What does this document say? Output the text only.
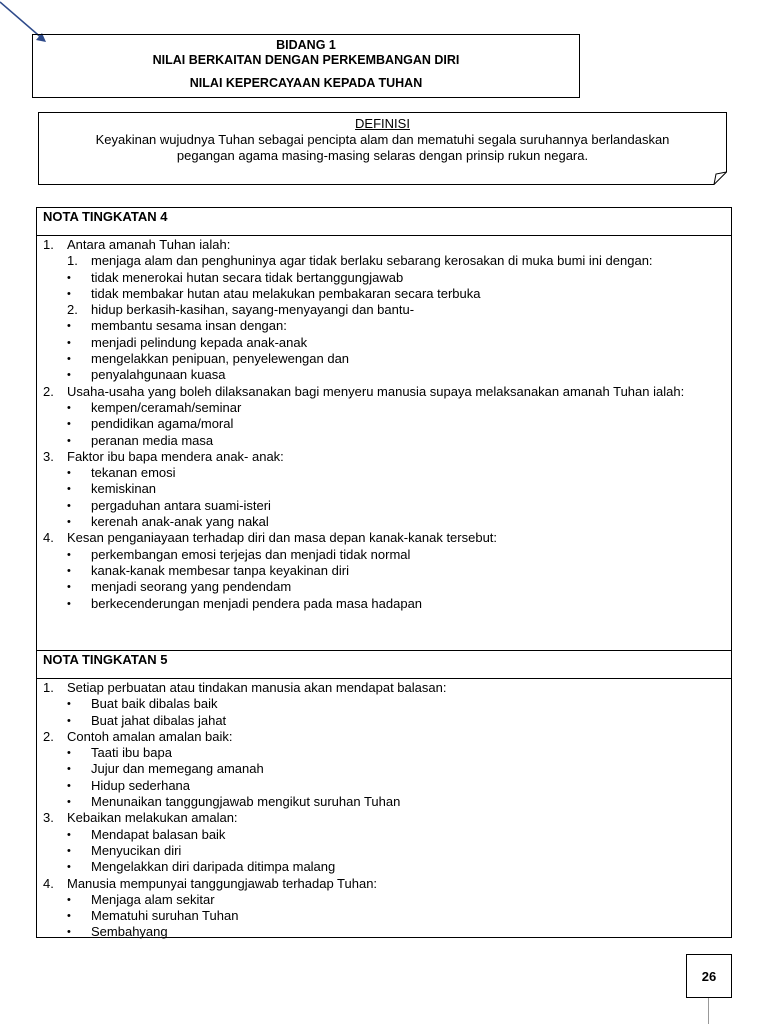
BIDANG 1
NILAI BERKAITAN DENGAN PERKEMBANGAN DIRI
NILAI KEPERCAYAAN KEPADA TUHAN
DEFINISI
Keyakinan wujudnya Tuhan sebagai pencipta alam dan mematuhi segala suruhannya berlandaskan
pegangan agama masing-masing selaras dengan prinsip rukun negara.
NOTA TINGKATAN 4
1.	Antara amanah Tuhan ialah:
1.	menjaga alam dan penghuninya agar tidak berlaku sebarang kerosakan di muka bumi ini dengan:
•	tidak menerokai hutan secara tidak bertanggungjawab
•	tidak membakar hutan atau melakukan pembakaran secara terbuka
2.	hidup berkasih-kasihan, sayang-menyayangi dan bantu-
•	membantu sesama insan dengan:
•	menjadi pelindung kepada anak-anak
•	mengelakkan penipuan, penyelewengan dan
•	penyalahgunaan kuasa
2.	Usaha-usaha yang boleh dilaksanakan bagi menyeru manusia supaya melaksanakan amanah Tuhan ialah:
•	kempen/ceramah/seminar
•	pendidikan agama/moral
•	peranan media masa
3.	Faktor ibu bapa mendera anak- anak:
•	tekanan emosi
•	kemiskinan
•	pergaduhan antara suami-isteri
•	kerenah anak-anak yang nakal
4.	Kesan penganiayaan terhadap diri dan masa depan kanak-kanak tersebut:
•	perkembangan emosi terjejas dan menjadi tidak normal
•	kanak-kanak membesar tanpa keyakinan diri
•	menjadi seorang yang pendendam
•	berkecenderungan menjadi pendera pada masa hadapan
NOTA TINGKATAN 5
1.	Setiap perbuatan atau tindakan manusia akan mendapat balasan:
•	Buat baik dibalas baik
•	Buat jahat dibalas jahat
2.	Contoh amalan amalan baik:
•	Taati ibu bapa
•	Jujur dan memegang amanah
•	Hidup sederhana
•	Menunaikan tanggungjawab mengikut suruhan Tuhan
3.	Kebaikan melakukan amalan:
•	Mendapat balasan baik
•	Menyucikan diri
•	Mengelakkan diri daripada ditimpa malang
4.	Manusia mempunyai tanggungjawab terhadap Tuhan:
•	Menjaga alam sekitar
•	Mematuhi suruhan Tuhan
•	Sembahyang
26
